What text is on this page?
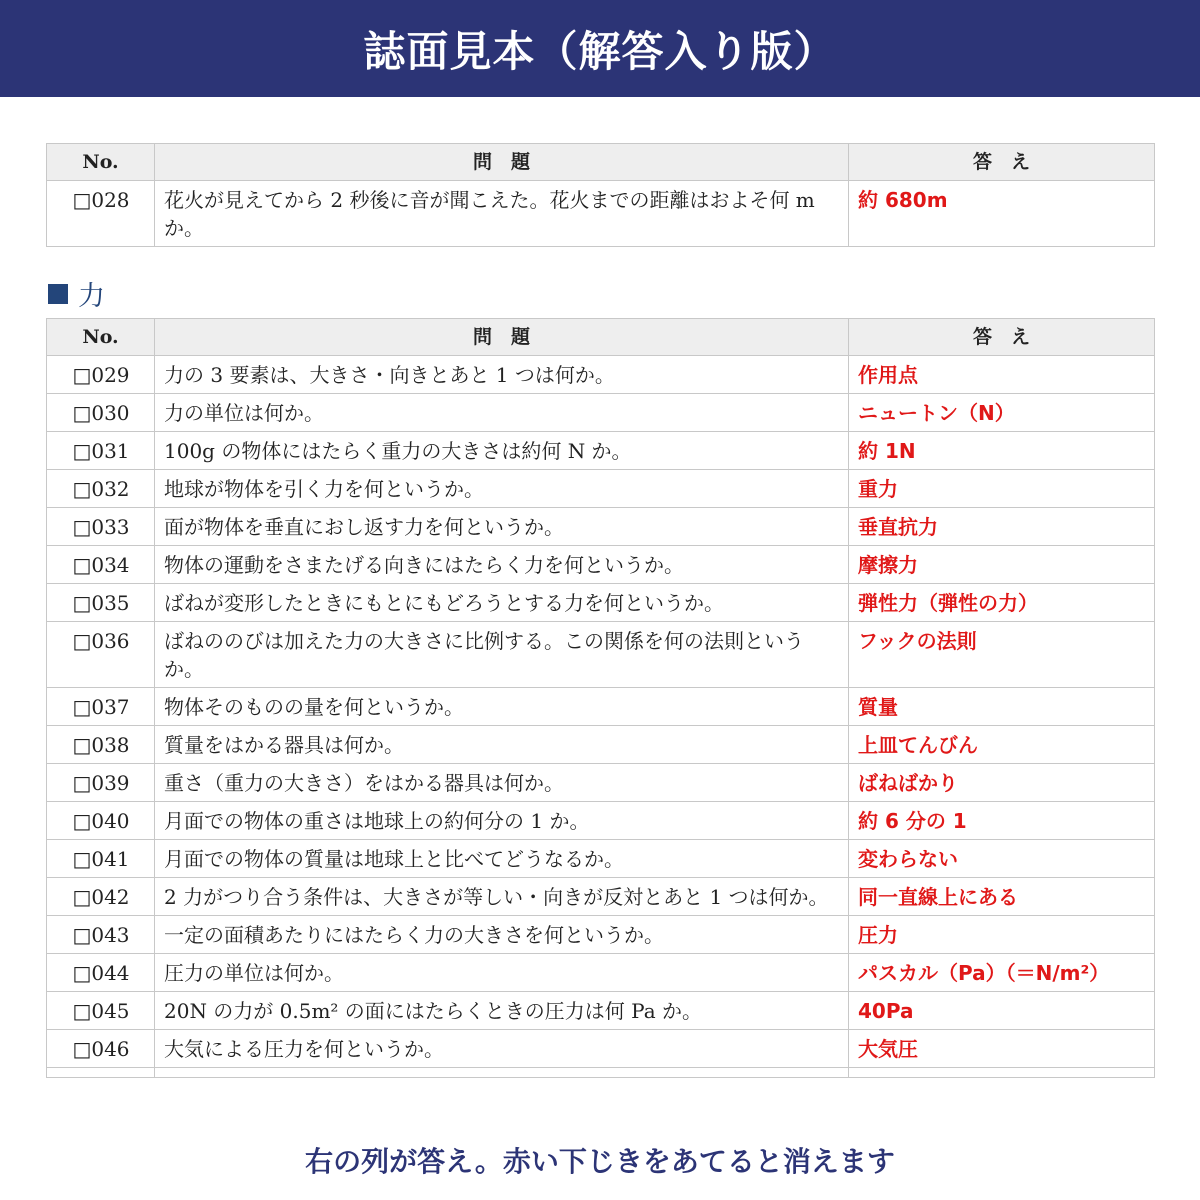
誌面見本（解答入り版）
No.	問　題	答　え
□028	花火が見えてから 2 秒後に音が聞こえた。花火までの距離はおよそ何 m か。	約 680m
力
No.	問　題	答　え
□029	力の 3 要素は、大きさ・向きとあと 1 つは何か。	作用点
□030	力の単位は何か。	ニュートン（N）
□031	100g の物体にはたらく重力の大きさは約何 N か。	約 1N
□032	地球が物体を引く力を何というか。	重力
□033	面が物体を垂直におし返す力を何というか。	垂直抗力
□034	物体の運動をさまたげる向きにはたらく力を何というか。	摩擦力
□035	ばねが変形したときにもとにもどろうとする力を何というか。	弾性力（弾性の力）
□036	ばねののびは加えた力の大きさに比例する。この関係を何の法則というか。	フックの法則
□037	物体そのものの量を何というか。	質量
□038	質量をはかる器具は何か。	上皿てんびん
□039	重さ（重力の大きさ）をはかる器具は何か。	ばねばかり
□040	月面での物体の重さは地球上の約何分の 1 か。	約 6 分の 1
□041	月面での物体の質量は地球上と比べてどうなるか。	変わらない
□042	2 力がつり合う条件は、大きさが等しい・向きが反対とあと 1 つは何か。	同一直線上にある
□043	一定の面積あたりにはたらく力の大きさを何というか。	圧力
□044	圧力の単位は何か。	パスカル（Pa）（＝N/m²）
□045	20N の力が 0.5m² の面にはたらくときの圧力は何 Pa か。	40Pa
□046	大気による圧力を何というか。	大気圧

右の列が答え。赤い下じきをあてると消えます
